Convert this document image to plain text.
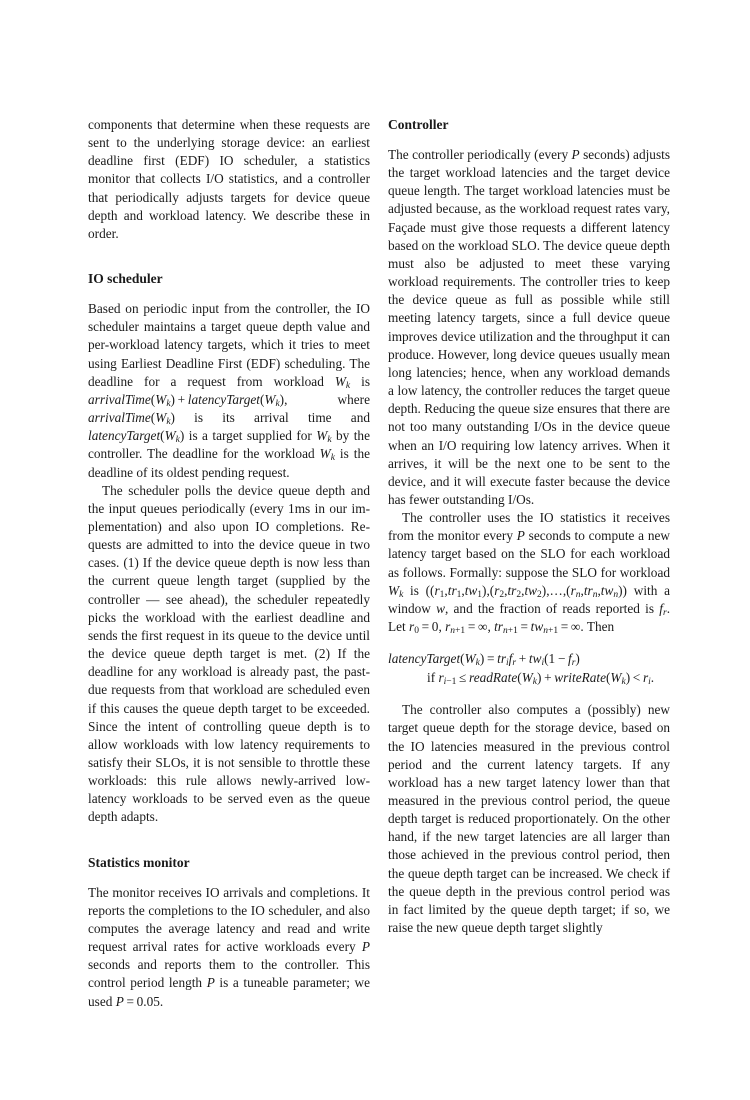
components that determine when these requests are sent to the underlying storage device: an earliest deadline first (EDF) IO scheduler, a statistics monitor that collects I/O statistics, and a controller that periodically adjusts targets for device queue depth and workload latency. We describe these in order.

IO scheduler

Based on periodic input from the controller, the IO scheduler maintains a target queue depth value and per-workload latency targets, which it tries to meet using Earliest Deadline First (EDF) scheduling. The deadline for a request from workload $W_k$ is $arrivalTime(W_k)$ + $latencyTarget(W_k)$, where $arrivalTime(W_k)$ is its arrival time and $latencyTarget(W_k)$ is a target supplied for $W_k$ by the controller. The deadline for the workload $W_k$ is the deadline of its oldest pending request.

The scheduler polls the device queue depth and the input queues periodically (every 1ms in our implementation) and also upon IO completions. Requests are admitted to into the device queue in two cases. (1) If the device queue depth is now less than the current queue length target (supplied by the controller — see ahead), the scheduler repeatedly picks the workload with the earliest deadline and sends the first request in its queue to the device until the device queue depth target is met. (2) If the deadline for any workload is already past, the past-due requests from that workload are scheduled even if this causes the queue depth target to be exceeded. Since the intent of controlling queue depth is to allow workloads with low latency requirements to satisfy their SLOs, it is not sensible to throttle these workloads: this rule allows newly-arrived low-latency workloads to be served even as the queue depth adapts.

Statistics monitor

The monitor receives IO arrivals and completions. It reports the completions to the IO scheduler, and also computes the average latency and read and write request arrival rates for active workloads every P seconds and reports them to the controller. This control period length P is a tuneable parameter; we used P = 0.05.

Controller

The controller periodically (every P seconds) adjusts the target workload latencies and the target device queue length. The target workload latencies must be adjusted because, as the workload request rates vary, Façade must give those requests a different latency based on the workload SLO. The device queue depth must also be adjusted to meet these varying workload requirements. The controller tries to keep the device queue as full as possible while still meeting latency targets, since a full device queue improves device utilization and the throughput it can produce. However, long device queues usually mean long latencies; hence, when any workload demands a low latency, the controller reduces the target queue depth. Reducing the queue size ensures that there are not too many outstanding I/Os in the device queue when an I/O requiring low latency arrives. When it arrives, it will be the next one to be sent to the device, and it will execute faster because the device has fewer outstanding I/Os.

The controller uses the IO statistics it receives from the monitor every P seconds to compute a new latency target based on the SLO for each workload as follows. Formally: suppose the SLO for workload $W_k$ is $((r_1,tr_1,tw_1),(r_2,tr_2,tw_2),\dots,(r_n,tr_n,tw_n))$ with a window w, and the fraction of reads reported is $f_r$. Let $r_0 = 0$, $r_{n+1}$ = ∞, $tr_{n+1} = tw_{n+1}$ = ∞. Then

$latencyTarget(W_k) = tr_if_r + tw_i(1 - f_r)$
if $r_{i-1}$ ≤ $readRate(W_k)$ + $writeRate(W_k) < r_i$.

The controller also computes a (possibly) new target queue depth for the storage device, based on the IO latencies measured in the previous control period and the current latency targets. If any workload has a new target latency lower than that measured in the previous control period, the queue depth target is reduced proportionately. On the other hand, if the new target latencies are all larger than those achieved in the previous control period, then the queue depth target can be increased. We check if the queue depth in the previous control period was in fact limited by the queue depth target; if so, we raise the new queue depth target slightly
